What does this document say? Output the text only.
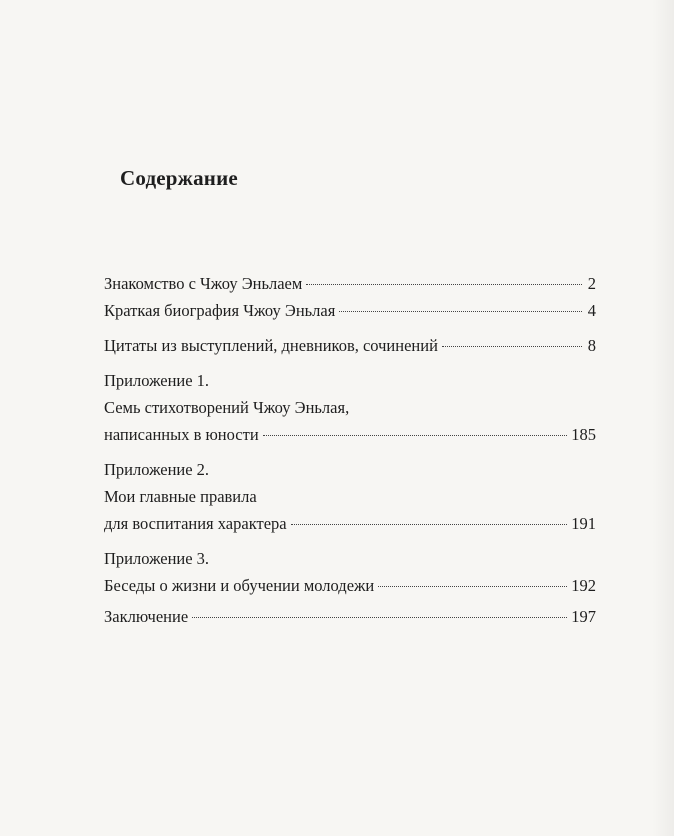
Содержание
Знакомство с Чжоу Эньлаем	2
Краткая биография Чжоу Эньлая	4
Цитаты из выступлений, дневников, сочинений	8
Приложение 1.
Семь стихотворений Чжоу Эньлая,
написанных в юности	185
Приложение 2.
Мои главные правила
для воспитания характера	191
Приложение 3.
Беседы о жизни и обучении молодежи	192
Заключение	197
